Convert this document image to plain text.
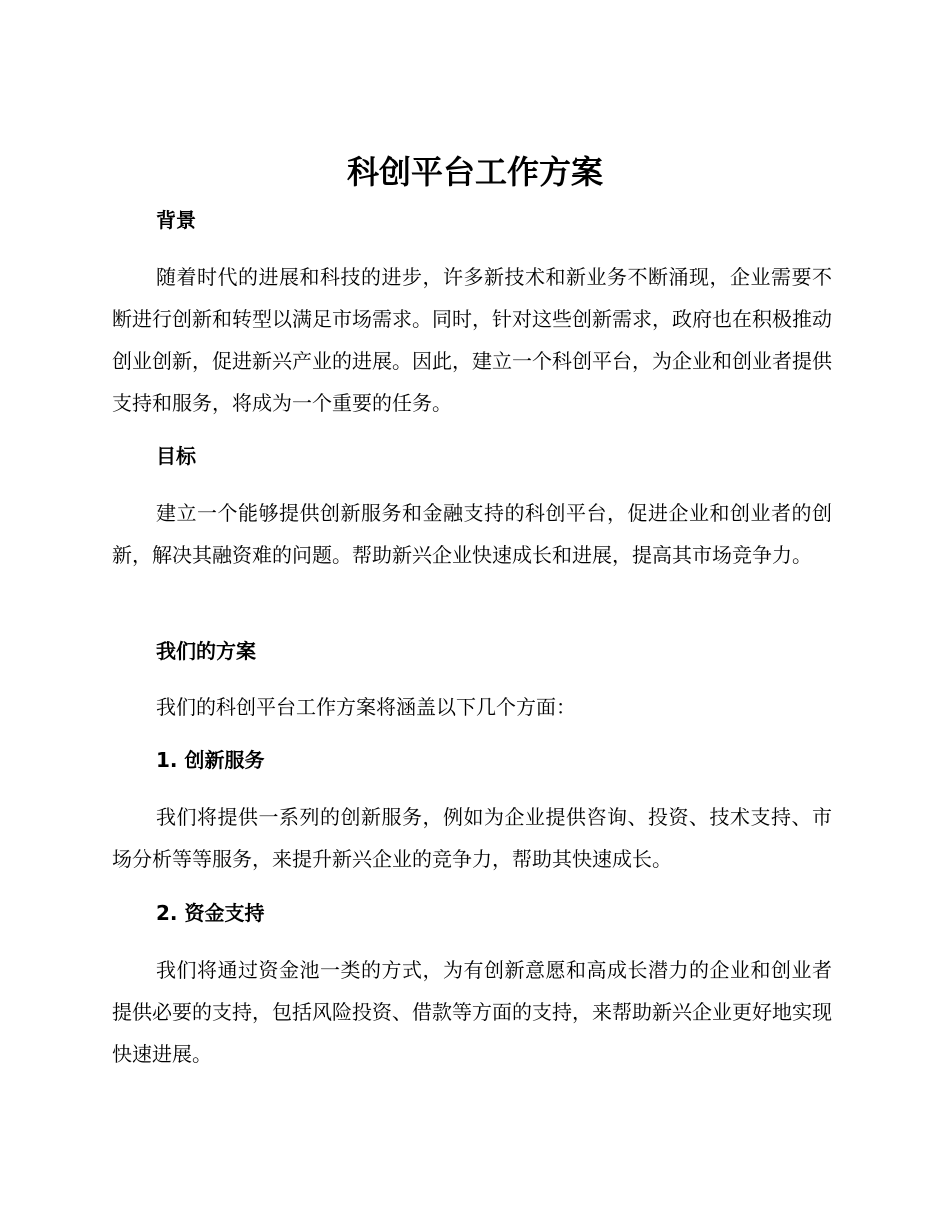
科创平台工作方案
背景

随着时代的进展和科技的进步，许多新技术和新业务不断涌现，企业需要不断进行创新和转型以满足市场需求。同时，针对这些创新需求，政府也在积极推动创业创新，促进新兴产业的进展。因此，建立一个科创平台，为企业和创业者提供支持和服务，将成为一个重要的任务。

目标

建立一个能够提供创新服务和金融支持的科创平台，促进企业和创业者的创新，解决其融资难的问题。帮助新兴企业快速成长和进展，提高其市场竞争力。

我们的方案

我们的科创平台工作方案将涵盖以下几个方面：

1. 创新服务

我们将提供一系列的创新服务，例如为企业提供咨询、投资、技术支持、市场分析等等服务，来提升新兴企业的竞争力，帮助其快速成长。

2. 资金支持

我们将通过资金池一类的方式，为有创新意愿和高成长潜力的企业和创业者提供必要的支持，包括风险投资、借款等方面的支持，来帮助新兴企业更好地实现快速进展。
